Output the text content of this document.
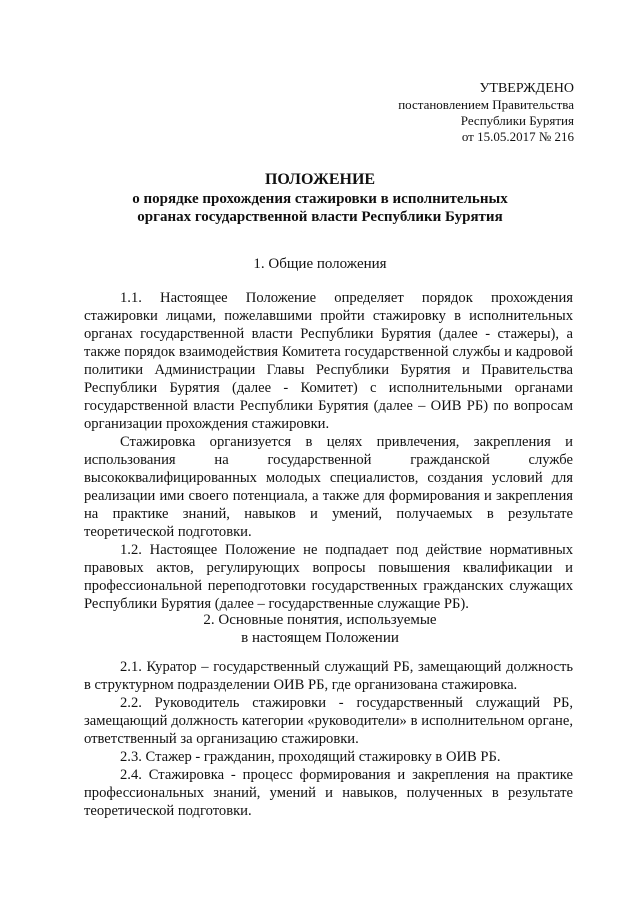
УТВЕРЖДЕНО
постановлением Правительства
Республики Бурятия
от 15.05.2017 № 216
ПОЛОЖЕНИЕ
о порядке прохождения стажировки в исполнительных
органах государственной власти Республики Бурятия
1. Общие положения

1.1. Настоящее Положение определяет порядок прохождения стажировки лицами, пожелавшими пройти стажировку в исполнительных органах государственной власти Республики Бурятия (далее - стажеры), а также порядок взаимодействия Комитета государственной службы и кадровой политики Администрации Главы Республики Бурятия и Правительства Республики Бурятия (далее - Комитет) с исполнительными органами государственной власти Республики Бурятия (далее – ОИВ РБ) по вопросам организации прохождения стажировки.

Стажировка организуется в целях привлечения, закрепления и использования на государственной гражданской службе высококвалифицированных молодых специалистов, создания условий для реализации ими своего потенциала, а также для формирования и закрепления на практике знаний, навыков и умений, получаемых в результате теоретической подготовки.

1.2. Настоящее Положение не подпадает под действие нормативных правовых актов, регулирующих вопросы повышения квалификации и профессиональной переподготовки государственных гражданских служащих Республики Бурятия (далее – государственные служащие РБ).

2. Основные понятия, используемые
в настоящем Положении

2.1. Куратор – государственный служащий РБ, замещающий должность в структурном подразделении ОИВ РБ, где организована стажировка.

2.2. Руководитель стажировки - государственный служащий РБ, замещающий должность категории «руководители» в исполнительном органе, ответственный за организацию стажировки.

2.3. Стажер - гражданин, проходящий стажировку в ОИВ РБ.

2.4. Стажировка - процесс формирования и закрепления на практике профессиональных знаний, умений и навыков, полученных в результате теоретической подготовки.
